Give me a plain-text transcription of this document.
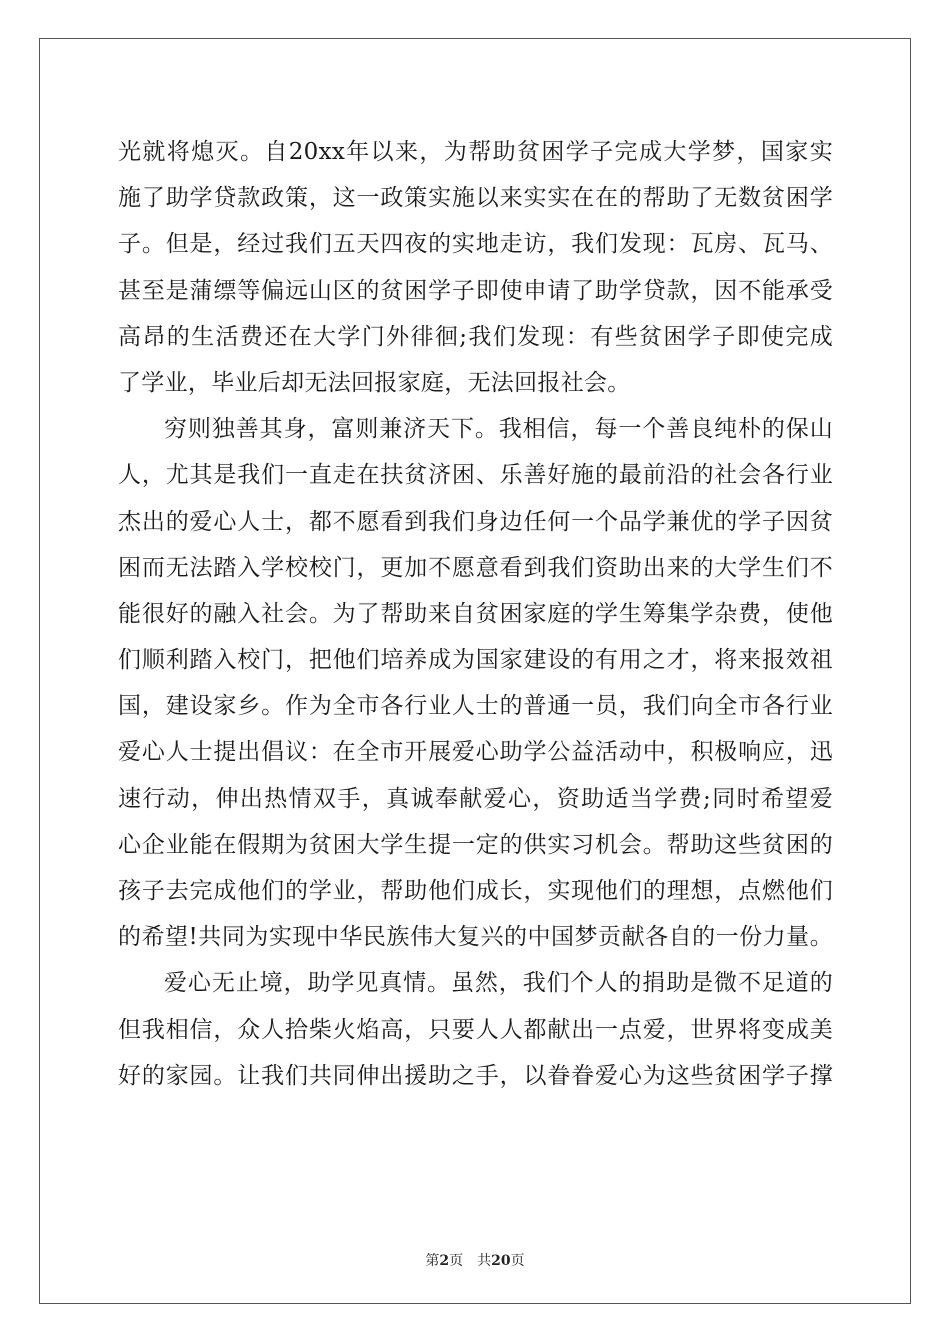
光就将熄灭。自20xx年以来，为帮助贫困学子完成大学梦，国家实
施了助学贷款政策，这一政策实施以来实实在在的帮助了无数贫困学
子。但是，经过我们五天四夜的实地走访，我们发现：瓦房、瓦马、
甚至是蒲缥等偏远山区的贫困学子即使申请了助学贷款，因不能承受
高昂的生活费还在大学门外徘徊;我们发现：有些贫困学子即使完成
了学业，毕业后却无法回报家庭，无法回报社会。
穷则独善其身，富则兼济天下。我相信，每一个善良纯朴的保山
人，尤其是我们一直走在扶贫济困、乐善好施的最前沿的社会各行业
杰出的爱心人士，都不愿看到我们身边任何一个品学兼优的学子因贫
困而无法踏入学校校门，更加不愿意看到我们资助出来的大学生们不
能很好的融入社会。为了帮助来自贫困家庭的学生筹集学杂费，使他
们顺利踏入校门，把他们培养成为国家建设的有用之才，将来报效祖
国，建设家乡。作为全市各行业人士的普通一员，我们向全市各行业
爱心人士提出倡议：在全市开展爱心助学公益活动中，积极响应，迅
速行动，伸出热情双手，真诚奉献爱心，资助适当学费;同时希望爱
心企业能在假期为贫困大学生提一定的供实习机会。帮助这些贫困的
孩子去完成他们的学业，帮助他们成长，实现他们的理想，点燃他们
的希望!共同为实现中华民族伟大复兴的中国梦贡献各自的一份力量。
爱心无止境，助学见真情。虽然，我们个人的捐助是微不足道的
但我相信，众人拾柴火焰高，只要人人都献出一点爱，世界将变成美
好的家园。让我们共同伸出援助之手，以眷眷爱心为这些贫困学子撑
第2页 共20页
